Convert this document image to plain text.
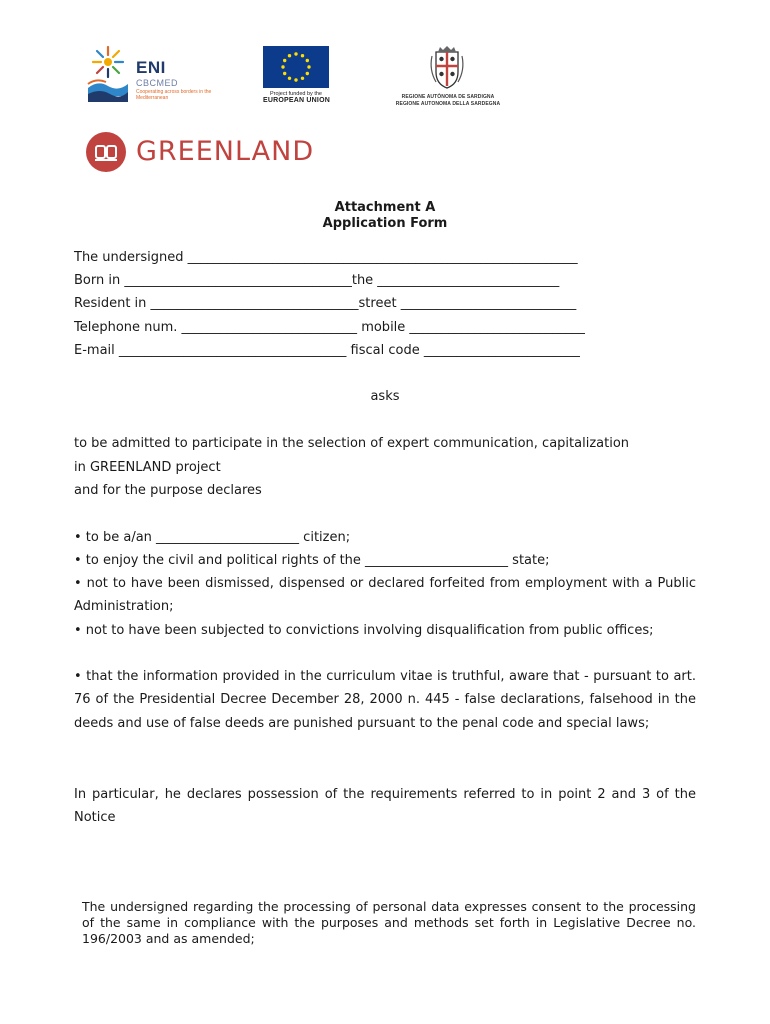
ENI
CBCMED
Cooperating across borders in the Mediterranean
Project funded by the
EUROPEAN UNION	REGIONE AUTÒNOMA DE SARDIGNA
REGIONE AUTONOMA DELLA SARDEGNA
GREENLAND
Attachment A
Application Form
The undersigned ____________________________________________________________
Born in ___________________________________the ____________________________
Resident in ________________________________street ___________________________
Telephone num. ___________________________ mobile ___________________________
E-mail ___________________________________ fiscal code ________________________
asks
to be admitted to participate in the selection of expert communication, capitalization
in GREENLAND project
and for the purpose declares
• to be a/an ______________________ citizen;
• to enjoy the civil and political rights of the ______________________ state;
• not to have been dismissed, dispensed or declared forfeited from employment with a Public Administration;
• not to have been subjected to convictions involving disqualification from public offices;
• that the information provided in the curriculum vitae is truthful, aware that - pursuant to art. 76 of the Presidential Decree December 28, 2000 n. 445 - false declarations, falsehood in the deeds and use of false deeds are punished pursuant to the penal code and special laws;
In particular, he declares possession of the requirements referred to in point 2 and 3 of the Notice
The undersigned regarding the processing of personal data expresses consent to the processing of the same in compliance with the purposes and methods set forth in Legislative Decree no. 196/2003 and as amended;
